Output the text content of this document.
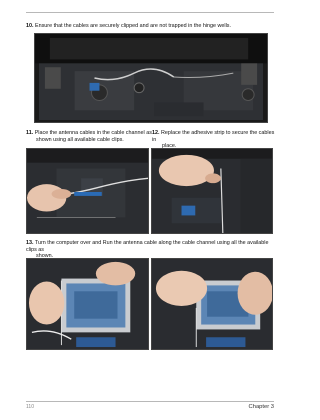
10. Ensure that the cables are securely clipped and are not trapped in the hinge wells.
11. Place the antenna cables in the cable channel as
shown using all available cable clips.
12. Replace the adhesive strip to secure the cables in
place.
13. Turn the computer over and Run the antenna cable along the cable channel using all the available clips as
shown.
110	Chapter 3
